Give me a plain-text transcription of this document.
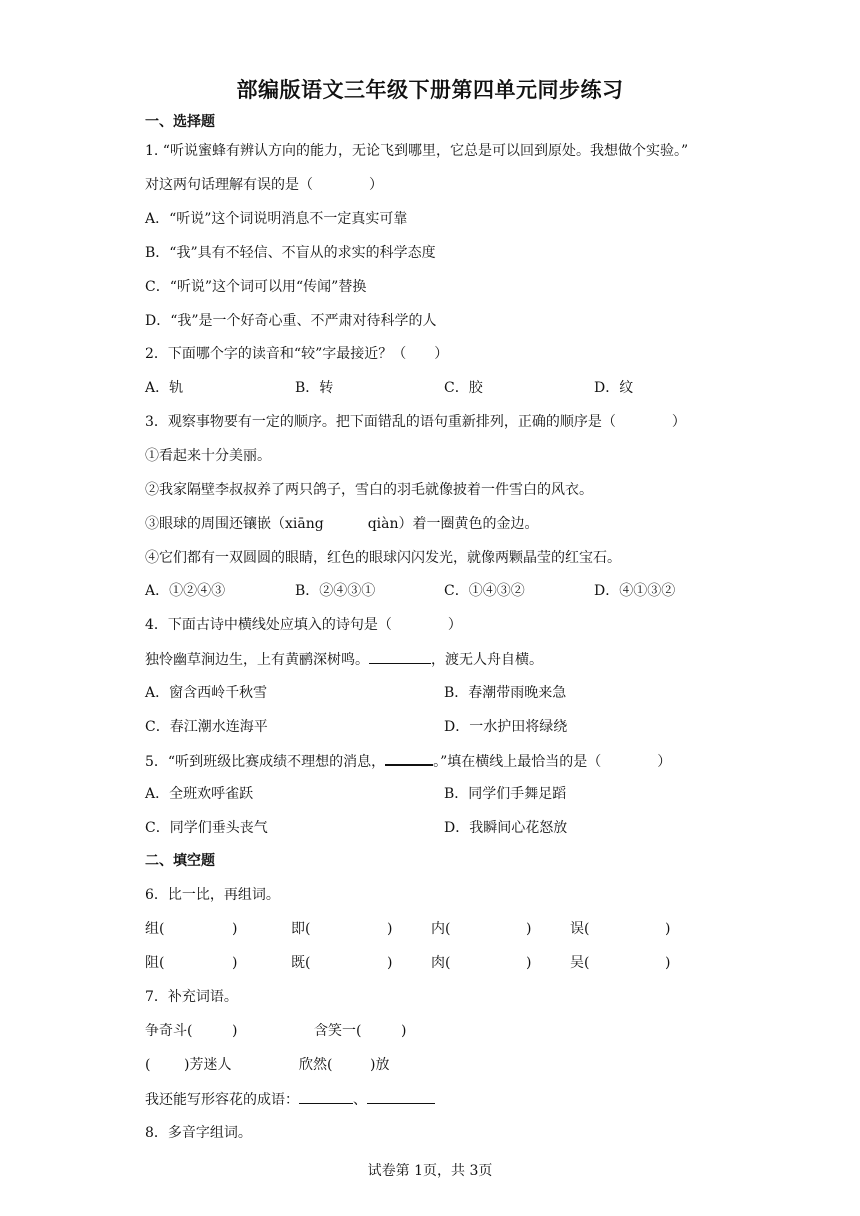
部编版语文三年级下册第四单元同步练习
一、选择题
1. “听说蜜蜂有辨认方向的能力，无论飞到哪里，它总是可以回到原处。我想做个实验。”
对这两句话理解有误的是（　　　　）
A．“听说”这个词说明消息不一定真实可靠
B．“我”具有不轻信、不盲从的求实的科学态度
C．“听说”这个词可以用“传闻”替换
D．“我”是一个好奇心重、不严肃对待科学的人
2．下面哪个字的读音和“较”字最接近？（　　）
A．轨	B．转	C．胶	D．纹
3．观察事物要有一定的顺序。把下面错乱的语句重新排列，正确的顺序是（　　　　）
①看起来十分美丽。
②我家隔壁李叔叔养了两只鸽子，雪白的羽毛就像披着一件雪白的风衣。
③眼球的周围还镶嵌（xiāng	qiàn）着一圈黄色的金边。
④它们都有一双圆圆的眼睛，红色的眼球闪闪发光，就像两颗晶莹的红宝石。
A．①②④③	B．②④③①	C．①④③②	D．④①③②
4．下面古诗中横线处应填入的诗句是（　　　　）
独怜幽草涧边生，上有黄鹂深树鸣。	，渡无人舟自横。
A．窗含西岭千秋雪	B．春潮带雨晚来急
C．春江潮水连海平	D．一水护田将绿绕
5．“听到班级比赛成绩不理想的消息，	。”填在横线上最恰当的是（　　　　）
A．全班欢呼雀跃	B．同学们手舞足蹈
C．同学们垂头丧气	D．我瞬间心花怒放
二、填空题
6．比一比，再组词。
组(	)	即(	)	内(	)	误(	)
阻(	)	既(	)	肉(	)	吴(	)
7．补充词语。
争奇斗(	)	含笑一(	)
( )芳迷人	欣然(	)放
我还能写形容花的成语：	、
8．多音字组词。
试卷第 1页，共 3页
